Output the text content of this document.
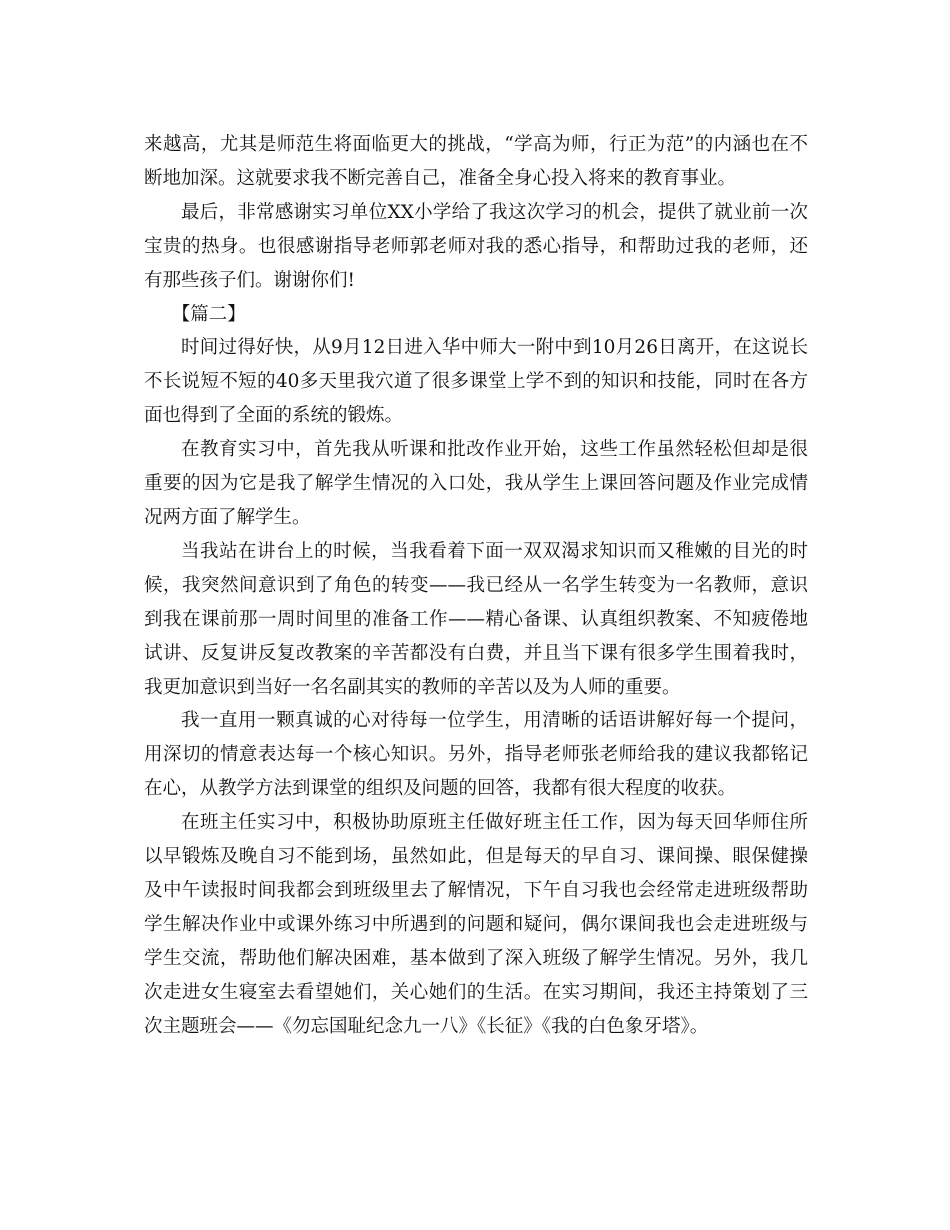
来越高，尤其是师范生将面临更大的挑战，“学高为师，行正为范”的内涵也在不断地加深。这就要求我不断完善自己，准备全身心投入将来的教育事业。

最后，非常感谢实习单位XX小学给了我这次学习的机会，提供了就业前一次宝贵的热身。也很感谢指导老师郭老师对我的悉心指导，和帮助过我的老师，还有那些孩子们。谢谢你们!

【篇二】

时间过得好快，从9月12日进入华中师大一附中到10月26日离开，在这说长不长说短不短的40多天里我穴道了很多课堂上学不到的知识和技能，同时在各方面也得到了全面的系统的锻炼。

在教育实习中，首先我从听课和批改作业开始，这些工作虽然轻松但却是很重要的因为它是我了解学生情况的入口处，我从学生上课回答问题及作业完成情况两方面了解学生。

当我站在讲台上的时候，当我看着下面一双双渴求知识而又稚嫩的目光的时候，我突然间意识到了角色的转变——我已经从一名学生转变为一名教师，意识到我在课前那一周时间里的准备工作——精心备课、认真组织教案、不知疲倦地试讲、反复讲反复改教案的辛苦都没有白费，并且当下课有很多学生围着我时，我更加意识到当好一名名副其实的教师的辛苦以及为人师的重要。

我一直用一颗真诚的心对待每一位学生，用清晰的话语讲解好每一个提问，用深切的情意表达每一个核心知识。另外，指导老师张老师给我的建议我都铭记在心，从教学方法到课堂的组织及问题的回答，我都有很大程度的收获。

在班主任实习中，积极协助原班主任做好班主任工作，因为每天回华师住所以早锻炼及晚自习不能到场，虽然如此，但是每天的早自习、课间操、眼保健操及中午读报时间我都会到班级里去了解情况，下午自习我也会经常走进班级帮助学生解决作业中或课外练习中所遇到的问题和疑问，偶尔课间我也会走进班级与学生交流，帮助他们解决困难，基本做到了深入班级了解学生情况。另外，我几次走进女生寝室去看望她们，关心她们的生活。在实习期间，我还主持策划了三次主题班会——《勿忘国耻纪念九一八》《长征》《我的白色象牙塔》。
